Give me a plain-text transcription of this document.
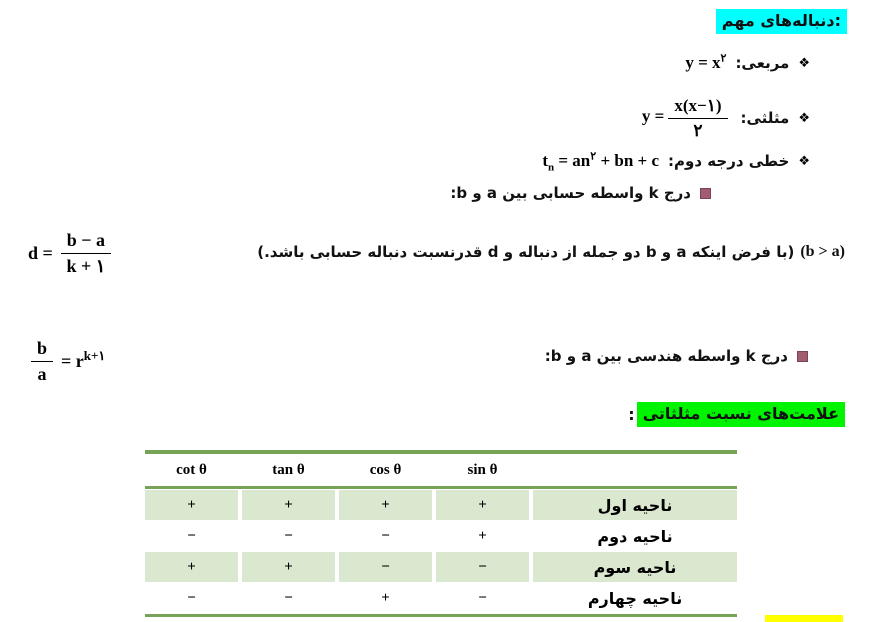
دنباله‌های مهم:
❖
مربعی:
$y = x^۲$
❖
مثلثی:
$y = \frac{x(x-۱)}{۲}$
❖
خطی درجه دوم:
$t_n = an^۲$ + bn + c
درج k واسطه حسابی بین a و b:
$d = \frac{b - a}{k + ۱}$	(b > a)
(با فرض اینکه a و b دو جمله از دنباله و d قدرنسبت دنباله حسابی باشد.)
درج k واسطه هندسی بین a و b:
$\frac{b}{a} = r^{k+۱}$
علامت‌های نسبت مثلثاتی
:
sin θ
cos θ
tan θ
cot θ
ناحیه اول
+
+
+
+
ناحیه دوم
+
−
−
−
ناحیه سوم
−
−
+
+
ناحیه چهارم
−
+
−
−
